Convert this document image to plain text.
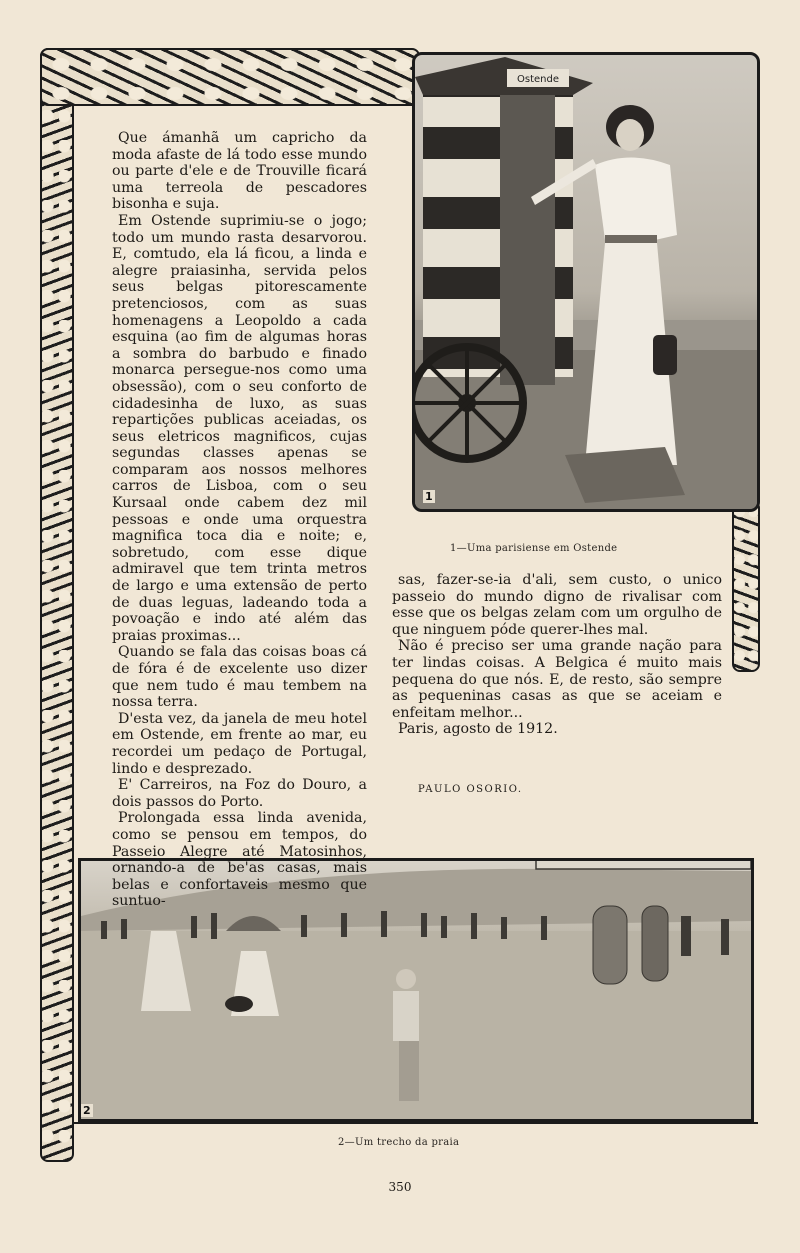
Ostende
1
1—Uma parisiense em Ostende
2
2—Um trecho da praia

Que ámanhã um capricho da moda afaste de lá todo esse mundo ou parte d'ele e de Trouville ficará uma terreola de pescadores bisonha e suja.

Em Ostende suprimiu-se o jogo; todo um mundo rasta desarvorou. E, comtudo, ela lá ficou, a linda e alegre praiasinha, servida pelos seus belgas pitorescamente pretenciosos, com as suas homenagens a Leopoldo a cada esquina (ao fim de algumas horas a sombra do barbudo e finado monarca persegue-nos como uma obsessão), com o seu conforto de cidadesinha de luxo, as suas repartições publicas aceiadas, os seus eletricos magnificos, cujas segundas classes apenas se comparam aos nossos melhores carros de Lisboa, com o seu Kursaal onde cabem dez mil pessoas e onde uma orquestra magnifica toca dia e noite; e, sobretudo, com esse dique admiravel que tem trinta metros de largo e uma extensão de perto de duas leguas, ladeando toda a povoação e indo até além das praias proximas...

Quando se fala das coisas boas cá de fóra é de excelente uso dizer que nem tudo é mau tembem na nossa terra.

D'esta vez, da janela de meu hotel em Ostende, em frente ao mar, eu recordei um pedaço de Portugal, lindo e desprezado.

E' Carreiros, na Foz do Douro, a dois passos do Porto.

Prolongada essa linda avenida, como se pensou em tempos, do Passeio Alegre até Matosinhos, ornando-a de be'as casas, mais belas e confortaveis mesmo que suntuo-

sas, fazer-se-ia d'ali, sem custo, o unico passeio do mundo digno de rivalisar com esse que os belgas zelam com um orgulho de que ninguem póde querer-lhes mal.

Não é preciso ser uma grande nação para ter lindas coisas. A Belgica é muito mais pequena do que nós. E, de resto, são sempre as pequeninas casas as que se aceiam e enfeitam melhor...

Paris, agosto de 1912.

PAULO OSORIO.
350
